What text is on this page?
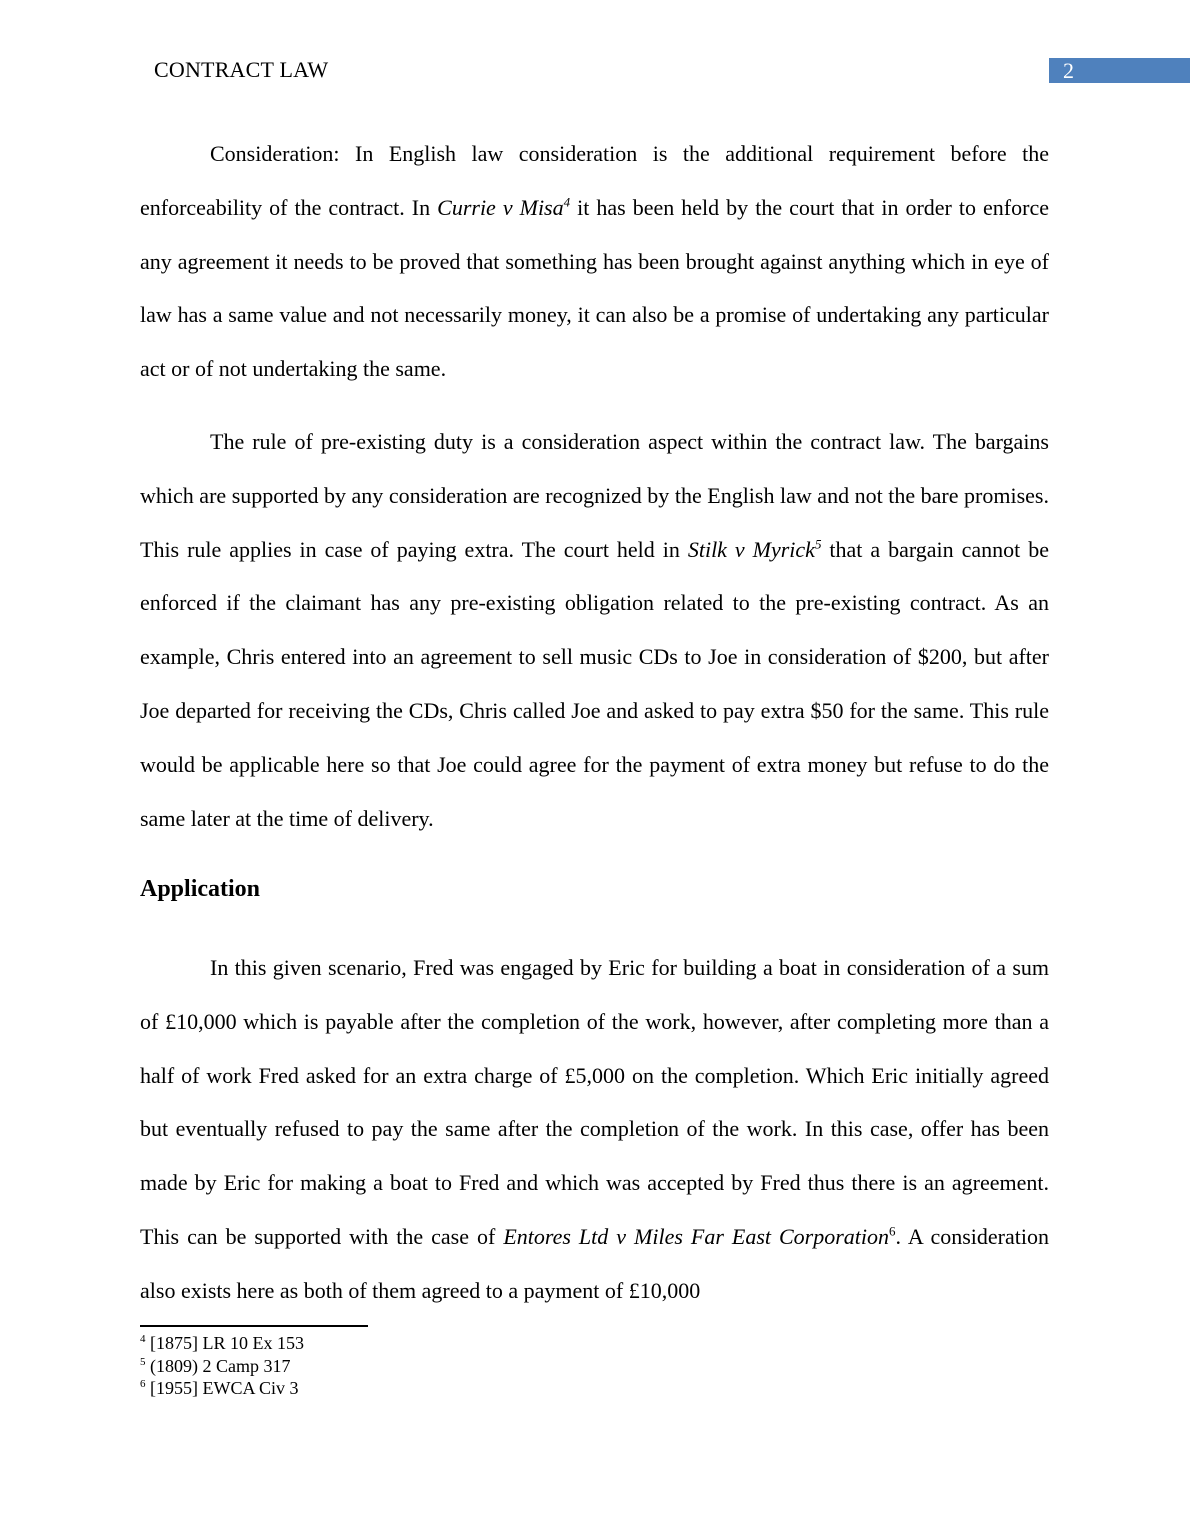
CONTRACT LAW	2

Consideration: In English law consideration is the additional requirement before the enforceability of the contract. In Currie v Misa$^4$ it has been held by the court that in order to enforce any agreement it needs to be proved that something has been brought against anything which in eye of law has a same value and not necessarily money, it can also be a promise of undertaking any particular act or of not undertaking the same.

The rule of pre-existing duty is a consideration aspect within the contract law. The bargains which are supported by any consideration are recognized by the English law and not the bare promises. This rule applies in case of paying extra. The court held in Stilk v Myrick$^5$ that a bargain cannot be enforced if the claimant has any pre-existing obligation related to the pre-existing contract. As an example, Chris entered into an agreement to sell music CDs to Joe in consideration of $200, but after Joe departed for receiving the CDs, Chris called Joe and asked to pay extra $50 for the same. This rule would be applicable here so that Joe could agree for the payment of extra money but refuse to do the same later at the time of delivery.

Application

In this given scenario, Fred was engaged by Eric for building a boat in consideration of a sum of £10,000 which is payable after the completion of the work, however, after completing more than a half of work Fred asked for an extra charge of £5,000 on the completion. Which Eric initially agreed but eventually refused to pay the same after the completion of the work. In this case, offer has been made by Eric for making a boat to Fred and which was accepted by Fred thus there is an agreement. This can be supported with the case of Entores Ltd v Miles Far East Corporation$^6$. A consideration also exists here as both of them agreed to a payment of £10,000

$^4$ [1875] LR 10 Ex 153
$^5$ (1809) 2 Camp 317
$^6$ [1955] EWCA Civ 3
